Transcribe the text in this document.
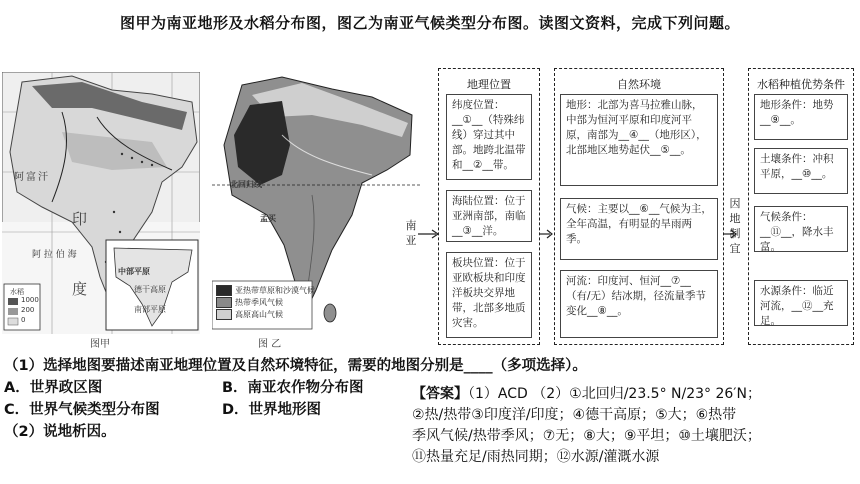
图甲为南亚地形及水稻分布图，图乙为南亚气候类型分布图。读图文资料，完成下列问题。
阿 富 汗
印
度
阿 拉 伯 海
中部平原
德干高原
南部平原
水稻
1000
200
0
图甲
北回归线
孟买
亚热带草原和沙漠气候
热带季风气候
高原高山气候
图 乙
南
亚
地理位置
纬度位置：__①__（特殊纬线）穿过其中部。地跨北温带和__②__带。
海陆位置：位于亚洲南部，南临__③__洋。
板块位置：位于亚欧板块和印度洋板块交界地带，北部多地质灾害。
自然环境
地形：北部为喜马拉雅山脉，中部为恒河平原和印度河平原，南部为__④__（地形区），北部地区地势起伏__⑤__。
气候：主要以__⑥__气候为主，全年高温，有明显的旱雨两季。
河流：印度河、恒河__⑦__（有/无）结冰期，径流量季节变化__⑧__。
因
地
制
宜
水稻种植优势条件
地形条件：地势__⑨__。
土壤条件：冲积平原，__⑩__。
气候条件：__⑪__，降水丰富。
水源条件：临近河流，__⑫__充足。
（1）选择地图要描述南亚地理位置及自然环境特征，需要的地图分别是____（多项选择）。
A．世界政区图	B．南亚农作物分布图
C．世界气候类型分布图	D．世界地形图
（2）说地析因。
【答案】（1）ACD （2）①北回归/23.5° N/23° 26′N；
②热/热带③印度洋/印度；④德干高原；⑤大；⑥热带
季风气候/热带季风；⑦无；⑧大；⑨平坦；⑩土壤肥沃；
⑪热量充足/雨热同期；⑫水源/灌溉水源
